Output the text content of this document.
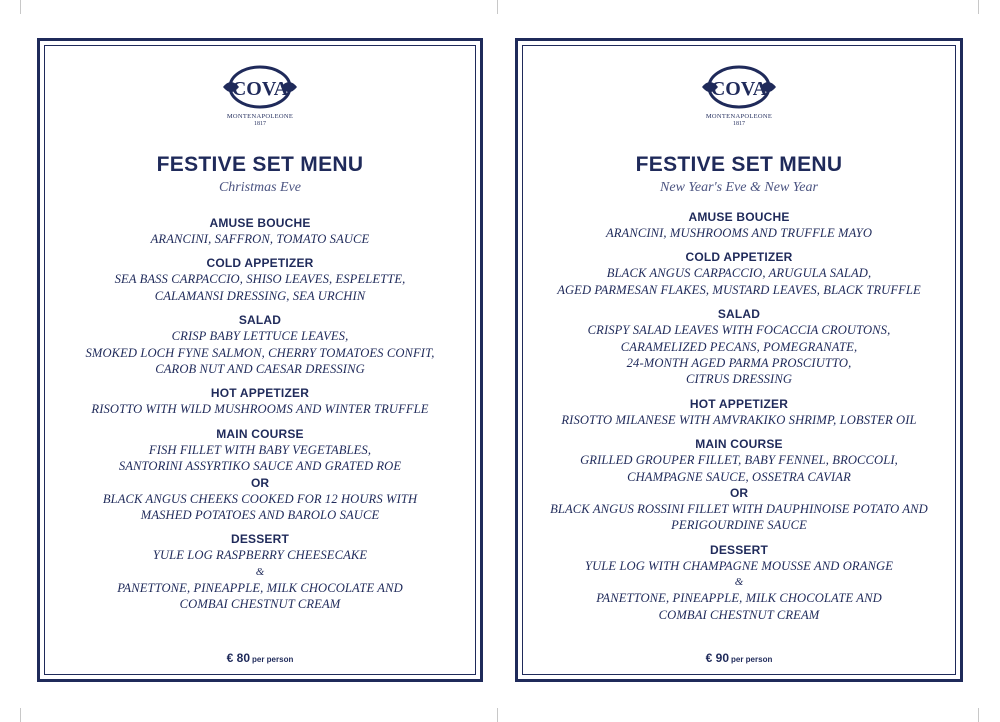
COVA
MONTENAPOLEONE
1817
FESTIVE SET MENU
Christmas Eve
AMUSE BOUCHE
ARANCINI, SAFFRON, TOMATO SAUCE
COLD APPETIZER
SEA BASS CARPACCIO, SHISO LEAVES, ESPELETTE,
CALAMANSI DRESSING, SEA URCHIN
SALAD
CRISP BABY LETTUCE LEAVES,
SMOKED LOCH FYNE SALMON, CHERRY TOMATOES CONFIT,
CAROB NUT AND CAESAR DRESSING
HOT APPETIZER
RISOTTO WITH WILD MUSHROOMS AND WINTER TRUFFLE
MAIN COURSE
FISH FILLET WITH BABY VEGETABLES,
SANTORINI ASSYRTIKO SAUCE AND GRATED ROE
OR
BLACK ANGUS CHEEKS COOKED FOR 12 HOURS WITH
MASHED POTATOES AND BAROLO SAUCE
DESSERT
YULE LOG RASPBERRY CHEESECAKE
&
PANETTONE, PINEAPPLE, MILK CHOCOLATE AND
COMBAI CHESTNUT CREAM
€ 80 per person
COVA
MONTENAPOLEONE
1817
FESTIVE SET MENU
New Year's Eve & New Year
AMUSE BOUCHE
ARANCINI, MUSHROOMS AND TRUFFLE MAYO
COLD APPETIZER
BLACK ANGUS CARPACCIO, ARUGULA SALAD,
AGED PARMESAN FLAKES, MUSTARD LEAVES, BLACK TRUFFLE
SALAD
CRISPY SALAD LEAVES WITH FOCACCIA CROUTONS,
CARAMELIZED PECANS, POMEGRANATE,
24-MONTH AGED PARMA PROSCIUTTO,
CITRUS DRESSING
HOT APPETIZER
RISOTTO MILANESE WITH AMVRAKIKO SHRIMP, LOBSTER OIL
MAIN COURSE
GRILLED GROUPER FILLET, BABY FENNEL, BROCCOLI,
CHAMPAGNE SAUCE, OSSETRA CAVIAR
OR
BLACK ANGUS ROSSINI FILLET WITH DAUPHINOISE POTATO AND
PERIGOURDINE SAUCE
DESSERT
YULE LOG WITH CHAMPAGNE MOUSSE AND ORANGE
&
PANETTONE, PINEAPPLE, MILK CHOCOLATE AND
COMBAI CHESTNUT CREAM
€ 90 per person
